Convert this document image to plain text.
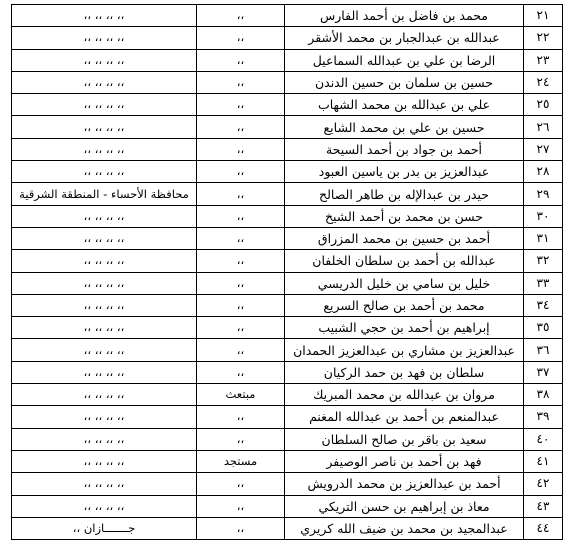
٢١	محمد بن فاضل بن أحمد الفارس	،،	،، ،، ،، ،،
٢٢	عبدالله بن عبدالجبار بن محمد الأشقر	،،	،، ،، ،، ،،
٢٣	الرضا بن علي بن عبدالله السماعيل	،،	،، ،، ،، ،،
٢٤	حسين بن سلمان بن حسين الدندن	،،	،، ،، ،، ،،
٢٥	علي بن عبدالله بن محمد الشهاب	،،	،، ،، ،، ،،
٢٦	حسين بن علي بن محمد الشايع	،،	،، ،، ،، ،،
٢٧	أحمد بن جواد بن أحمد السيحة	،،	،، ،، ،، ،،
٢٨	عبدالعزيز بن بدر بن ياسين العبود	،،	،، ،، ،، ،،
٢٩	حيدر بن عبدالإله بن طاهر الصالح	،،	محافظة الأحساء - المنطقة الشرقية
٣٠	حسن بن محمد بن أحمد الشيخ	،،	،، ،، ،، ،،
٣١	أحمد بن حسين بن محمد المزراق	،،	،، ،، ،، ،،
٣٢	عبدالله بن أحمد بن سلطان الخلفان	،،	،، ،، ،، ،،
٣٣	خليل بن سامي بن خليل الدريسي	،،	،، ،، ،، ،،
٣٤	محمد بن أحمد بن صالح السريع	،،	،، ،، ،، ،،
٣٥	إبراهيم بن أحمد بن حجي الشبيب	،،	،، ،، ،، ،،
٣٦	عبدالعزيز بن مشاري بن عبدالعزيز الحمدان	،،	،، ،، ،، ،،
٣٧	سلطان بن فهد بن حمد الركيان	،،	،، ،، ،، ،،
٣٨	مروان بن عبدالله بن محمد المبريك	مبتعث	،، ،، ،، ،،
٣٩	عبدالمنعم بن أحمد بن عبدالله المغنم	،،	،، ،، ،، ،،
٤٠	سعيد بن باقر بن صالح السلطان	،،	،، ،، ،، ،،
٤١	فهد بن أحمد بن ناصر الوصيفر	مستجد	،، ،، ،، ،،
٤٢	أحمد بن عبدالعزيز بن محمد الدرويش	،،	،، ،، ،، ،،
٤٣	معاذ بن إبراهيم بن حسن التريكي	،،	،، ،، ،، ،،
٤٤	عبدالمجيد بن محمد بن ضيف الله كريري	،،	جـــــــازان ،،
